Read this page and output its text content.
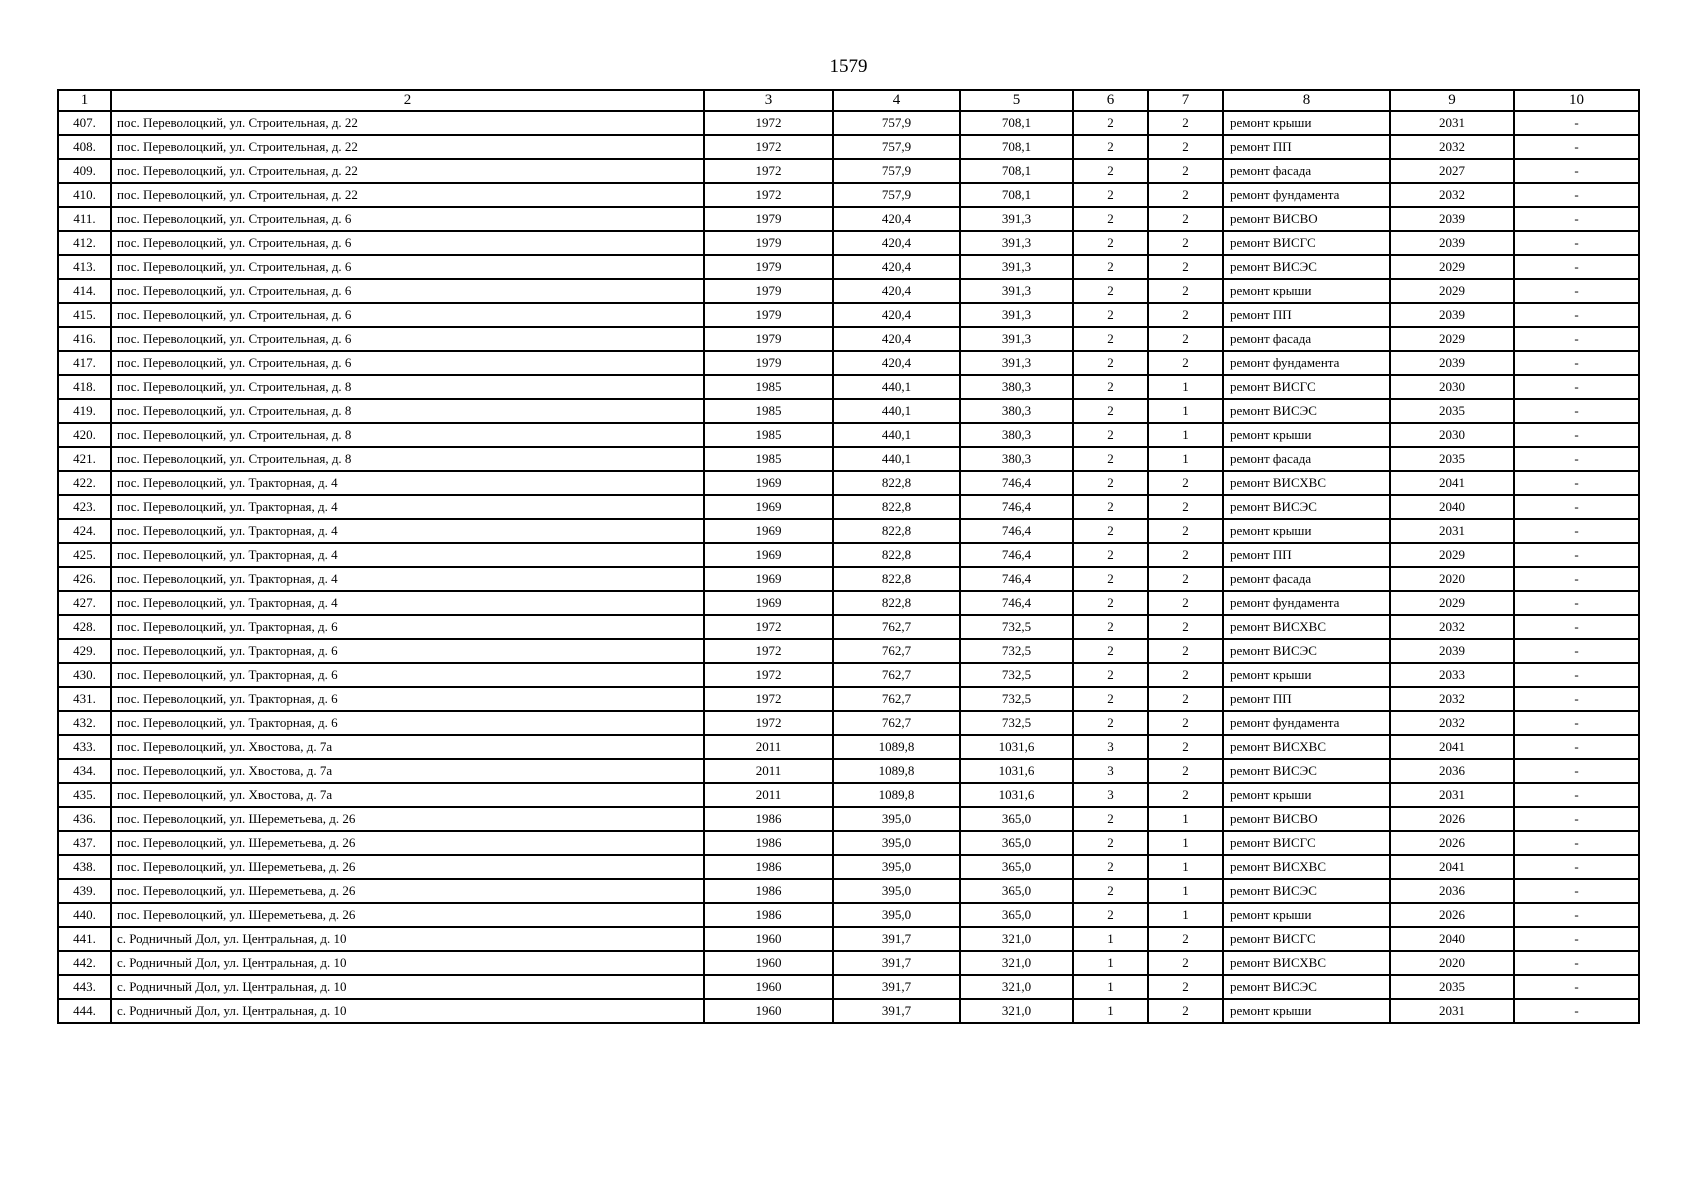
1579
1	2	3	4	5	6	7	8	9	10
407.	пос. Переволоцкий, ул. Строительная, д. 22	1972	757,9	708,1	2	2	ремонт крыши	2031	-
408.	пос. Переволоцкий, ул. Строительная, д. 22	1972	757,9	708,1	2	2	ремонт ПП	2032	-
409.	пос. Переволоцкий, ул. Строительная, д. 22	1972	757,9	708,1	2	2	ремонт фасада	2027	-
410.	пос. Переволоцкий, ул. Строительная, д. 22	1972	757,9	708,1	2	2	ремонт фундамента	2032	-
411.	пос. Переволоцкий, ул. Строительная, д. 6	1979	420,4	391,3	2	2	ремонт ВИСВО	2039	-
412.	пос. Переволоцкий, ул. Строительная, д. 6	1979	420,4	391,3	2	2	ремонт ВИСГС	2039	-
413.	пос. Переволоцкий, ул. Строительная, д. 6	1979	420,4	391,3	2	2	ремонт ВИСЭС	2029	-
414.	пос. Переволоцкий, ул. Строительная, д. 6	1979	420,4	391,3	2	2	ремонт крыши	2029	-
415.	пос. Переволоцкий, ул. Строительная, д. 6	1979	420,4	391,3	2	2	ремонт ПП	2039	-
416.	пос. Переволоцкий, ул. Строительная, д. 6	1979	420,4	391,3	2	2	ремонт фасада	2029	-
417.	пос. Переволоцкий, ул. Строительная, д. 6	1979	420,4	391,3	2	2	ремонт фундамента	2039	-
418.	пос. Переволоцкий, ул. Строительная, д. 8	1985	440,1	380,3	2	1	ремонт ВИСГС	2030	-
419.	пос. Переволоцкий, ул. Строительная, д. 8	1985	440,1	380,3	2	1	ремонт ВИСЭС	2035	-
420.	пос. Переволоцкий, ул. Строительная, д. 8	1985	440,1	380,3	2	1	ремонт крыши	2030	-
421.	пос. Переволоцкий, ул. Строительная, д. 8	1985	440,1	380,3	2	1	ремонт фасада	2035	-
422.	пос. Переволоцкий, ул. Тракторная, д. 4	1969	822,8	746,4	2	2	ремонт ВИСХВС	2041	-
423.	пос. Переволоцкий, ул. Тракторная, д. 4	1969	822,8	746,4	2	2	ремонт ВИСЭС	2040	-
424.	пос. Переволоцкий, ул. Тракторная, д. 4	1969	822,8	746,4	2	2	ремонт крыши	2031	-
425.	пос. Переволоцкий, ул. Тракторная, д. 4	1969	822,8	746,4	2	2	ремонт ПП	2029	-
426.	пос. Переволоцкий, ул. Тракторная, д. 4	1969	822,8	746,4	2	2	ремонт фасада	2020	-
427.	пос. Переволоцкий, ул. Тракторная, д. 4	1969	822,8	746,4	2	2	ремонт фундамента	2029	-
428.	пос. Переволоцкий, ул. Тракторная, д. 6	1972	762,7	732,5	2	2	ремонт ВИСХВС	2032	-
429.	пос. Переволоцкий, ул. Тракторная, д. 6	1972	762,7	732,5	2	2	ремонт ВИСЭС	2039	-
430.	пос. Переволоцкий, ул. Тракторная, д. 6	1972	762,7	732,5	2	2	ремонт крыши	2033	-
431.	пос. Переволоцкий, ул. Тракторная, д. 6	1972	762,7	732,5	2	2	ремонт ПП	2032	-
432.	пос. Переволоцкий, ул. Тракторная, д. 6	1972	762,7	732,5	2	2	ремонт фундамента	2032	-
433.	пос. Переволоцкий, ул. Хвостова, д. 7а	2011	1089,8	1031,6	3	2	ремонт ВИСХВС	2041	-
434.	пос. Переволоцкий, ул. Хвостова, д. 7а	2011	1089,8	1031,6	3	2	ремонт ВИСЭС	2036	-
435.	пос. Переволоцкий, ул. Хвостова, д. 7а	2011	1089,8	1031,6	3	2	ремонт крыши	2031	-
436.	пос. Переволоцкий, ул. Шереметьева, д. 26	1986	395,0	365,0	2	1	ремонт ВИСВО	2026	-
437.	пос. Переволоцкий, ул. Шереметьева, д. 26	1986	395,0	365,0	2	1	ремонт ВИСГС	2026	-
438.	пос. Переволоцкий, ул. Шереметьева, д. 26	1986	395,0	365,0	2	1	ремонт ВИСХВС	2041	-
439.	пос. Переволоцкий, ул. Шереметьева, д. 26	1986	395,0	365,0	2	1	ремонт ВИСЭС	2036	-
440.	пос. Переволоцкий, ул. Шереметьева, д. 26	1986	395,0	365,0	2	1	ремонт крыши	2026	-
441.	с. Родничный Дол, ул. Центральная, д. 10	1960	391,7	321,0	1	2	ремонт ВИСГС	2040	-
442.	с. Родничный Дол, ул. Центральная, д. 10	1960	391,7	321,0	1	2	ремонт ВИСХВС	2020	-
443.	с. Родничный Дол, ул. Центральная, д. 10	1960	391,7	321,0	1	2	ремонт ВИСЭС	2035	-
444.	с. Родничный Дол, ул. Центральная, д. 10	1960	391,7	321,0	1	2	ремонт крыши	2031	-
